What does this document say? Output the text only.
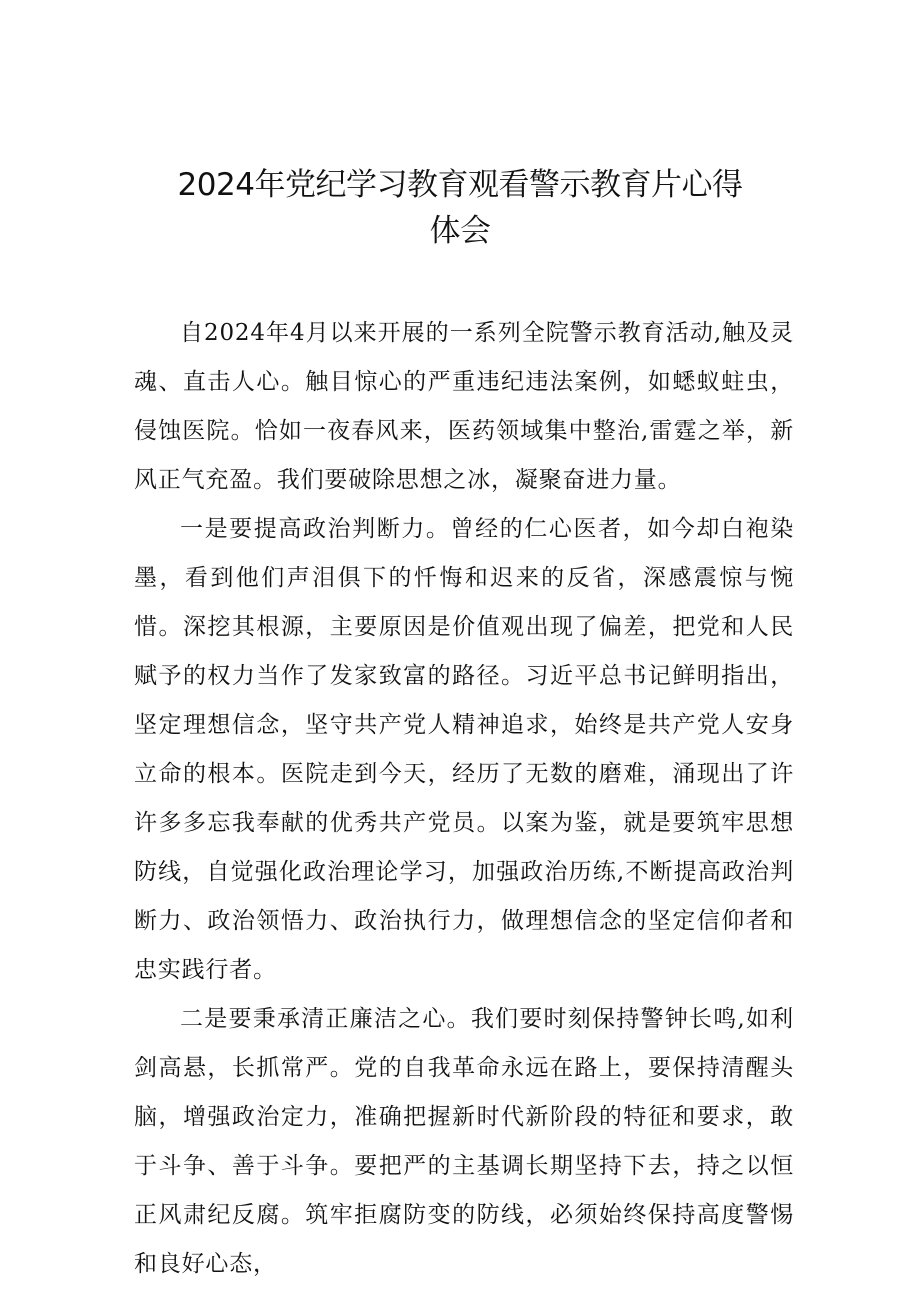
2024年党纪学习教育观看警示教育片心得
体会

自2024年4月以来开展的一系列全院警示教育活动,触及灵魂、直击人心。触目惊心的严重违纪违法案例，如蟋蚁蛀虫，侵蚀医院。恰如一夜春风来，医药领域集中整治,雷霆之举，新风正气充盈。我们要破除思想之冰，凝聚奋进力量。

一是要提高政治判断力。曾经的仁心医者，如今却白袍染墨，看到他们声泪俱下的忏悔和迟来的反省，深感震惊与惋惜。深挖其根源，主要原因是价值观出现了偏差，把党和人民赋予的权力当作了发家致富的路径。习近平总书记鲜明指出，坚定理想信念，坚守共产党人精神追求，始终是共产党人安身立命的根本。医院走到今天，经历了无数的磨难，涌现出了许许多多忘我奉献的优秀共产党员。以案为鉴，就是要筑牢思想防线，自觉强化政治理论学习，加强政治历练,不断提高政治判断力、政治领悟力、政治执行力，做理想信念的坚定信仰者和忠实践行者。

二是要秉承清正廉洁之心。我们要时刻保持警钟长鸣,如利剑高悬，长抓常严。党的自我革命永远在路上，要保持清醒头脑，增强政治定力，准确把握新时代新阶段的特征和要求，敢于斗争、善于斗争。要把严的主基调长期坚持下去，持之以恒正风肃纪反腐。筑牢拒腐防变的防线，必须始终保持高度警惕和良好心态，
